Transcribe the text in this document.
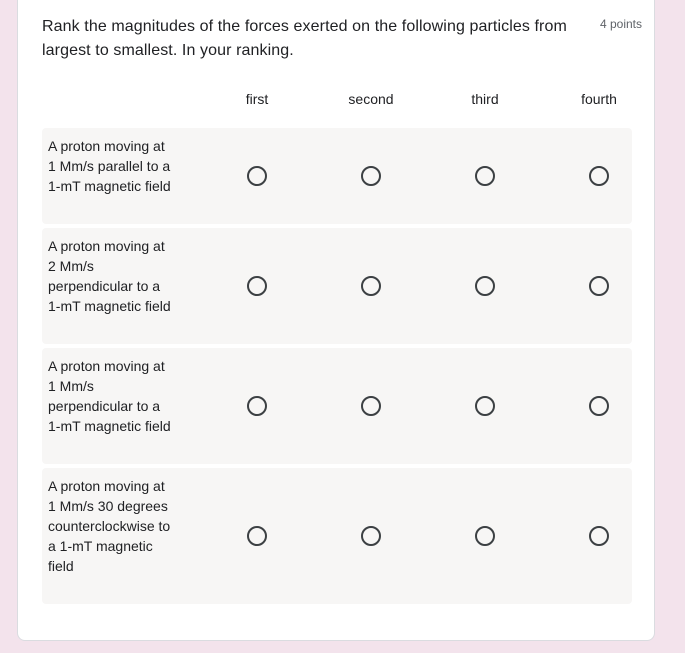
Rank the magnitudes of the forces exerted on the following particles from largest to smallest. In your ranking.
4 points
first	second	third	fourth
A proton moving at 1 Mm/s parallel to a 1-mT magnetic field
A proton moving at 2 Mm/s perpendicular to a 1-mT magnetic field
A proton moving at 1 Mm/s perpendicular to a 1-mT magnetic field
A proton moving at 1 Mm/s 30 degrees counterclockwise to a 1-mT magnetic field
